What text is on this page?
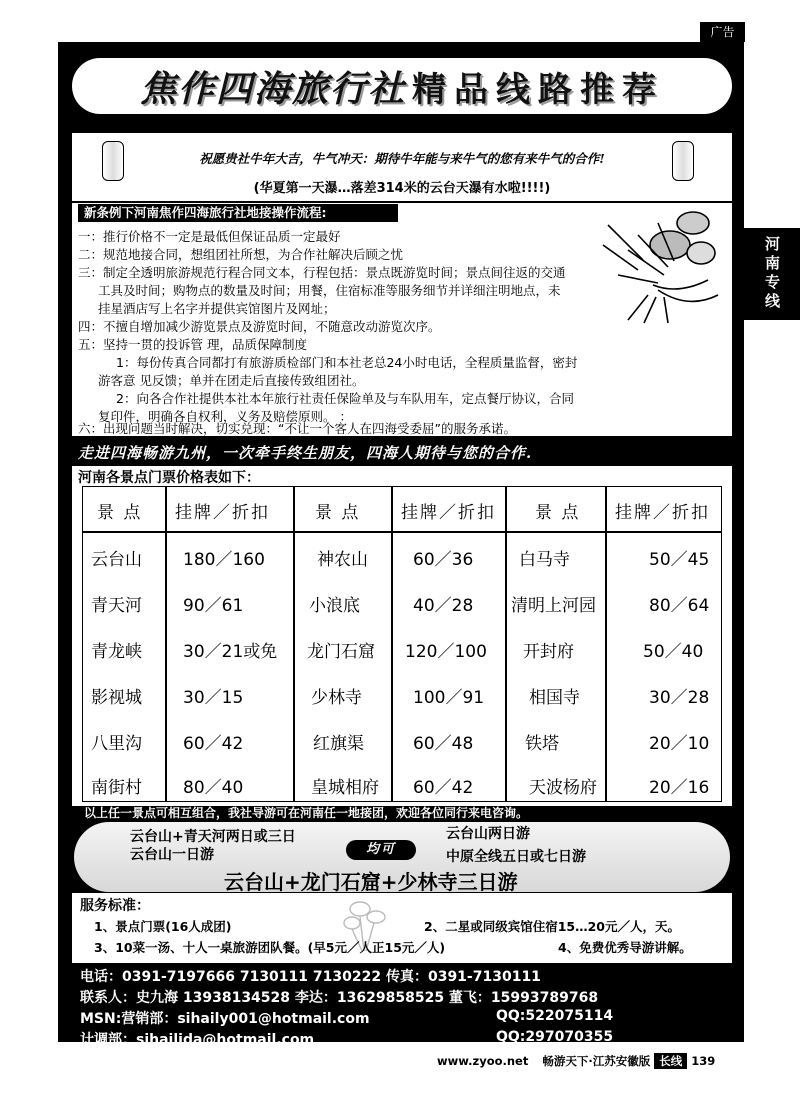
广告
河南专线
焦作四海旅行社 精品线路推荐
祝愿贵社牛年大吉，牛气冲天：期待牛年能与来牛气的您有来牛气的合作!
(华夏第一天瀑…落差314米的云台天瀑有水啦!!!!)
新条例下河南焦作四海旅行社地接操作流程:
一：推行价格不一定是最低但保证品质一定最好
二：规范地接合同，想组团社所想，为合作社解决后顾之忧
三：制定全透明旅游规范行程合同文本，行程包括：景点既游览时间；景点间往返的交通
工具及时间；购物点的数量及时间；用餐，住宿标准等服务细节并详细注明地点，未
挂星酒店写上名字并提供宾馆图片及网址；
四：不擅自增加减少游览景点及游览时间，不随意改动游览次序。
五：坚持一贯的投诉管 理，品质保障制度
1：每份传真合同都打有旅游质检部门和本社老总24小时电话，全程质量监督，密封
游客意 见反馈；单并在团走后直接传致组团社。
2：向各合作社提供本社本年旅行社责任保险单及与车队用车，定点餐厅协议，合同
复印件，明确各自权利，义务及赔偿原则。 ：
六：出现问题当时解决，切实兑现：“不让一个客人在四海受委屈”的服务承诺。
走进四海畅游九州，一次牵手终生朋友，四海人期待与您的合作.
河南各景点门票价格表如下：
景 点 挂牌／折扣	景 点 挂牌／折扣 景 点 挂牌／折扣
云台山 180／160	神农山	60／36	白马寺	50／45
青天河 90／61	小浪底	40／28 清明上河园	80／64
青龙峡 30／21或免 龙门石窟 120／100 开封府	50／40
影视城 30／15	少林寺	100／91	相国寺	30／28
八里沟 60／42	红旗渠	60／48	铁塔	20／10
南街村 80／40	皇城相府 60／42	天波杨府	20／16
以上任一景点可相互组合，我社导游可在河南任一地接团，欢迎各位同行来电咨询。
云台山+青天河两日或三日
云台山一日游	均可
云台山两日游
中原全线五日或七日游
云台山+龙门石窟+少林寺三日游
服务标准：
1、景点门票(16人成团)	2、二星或同级宾馆住宿15…20元／人，天。
3、10菜一汤、十人一桌旅游团队餐。(早5元／人正15元／人)	4、免费优秀导游讲解。
电话：0391-7197666 7130111 7130222 传真：0391-7130111
联系人：史九海 13938134528 李达：13629858525 董飞：15993789768
MSN:营销部：sihaily001@hotmail.com	QQ:522075114
计调部：sihailida@hotmail.com	QQ:297070355
www.zyoo.net 畅游天下·江苏安徽版 长线 139
